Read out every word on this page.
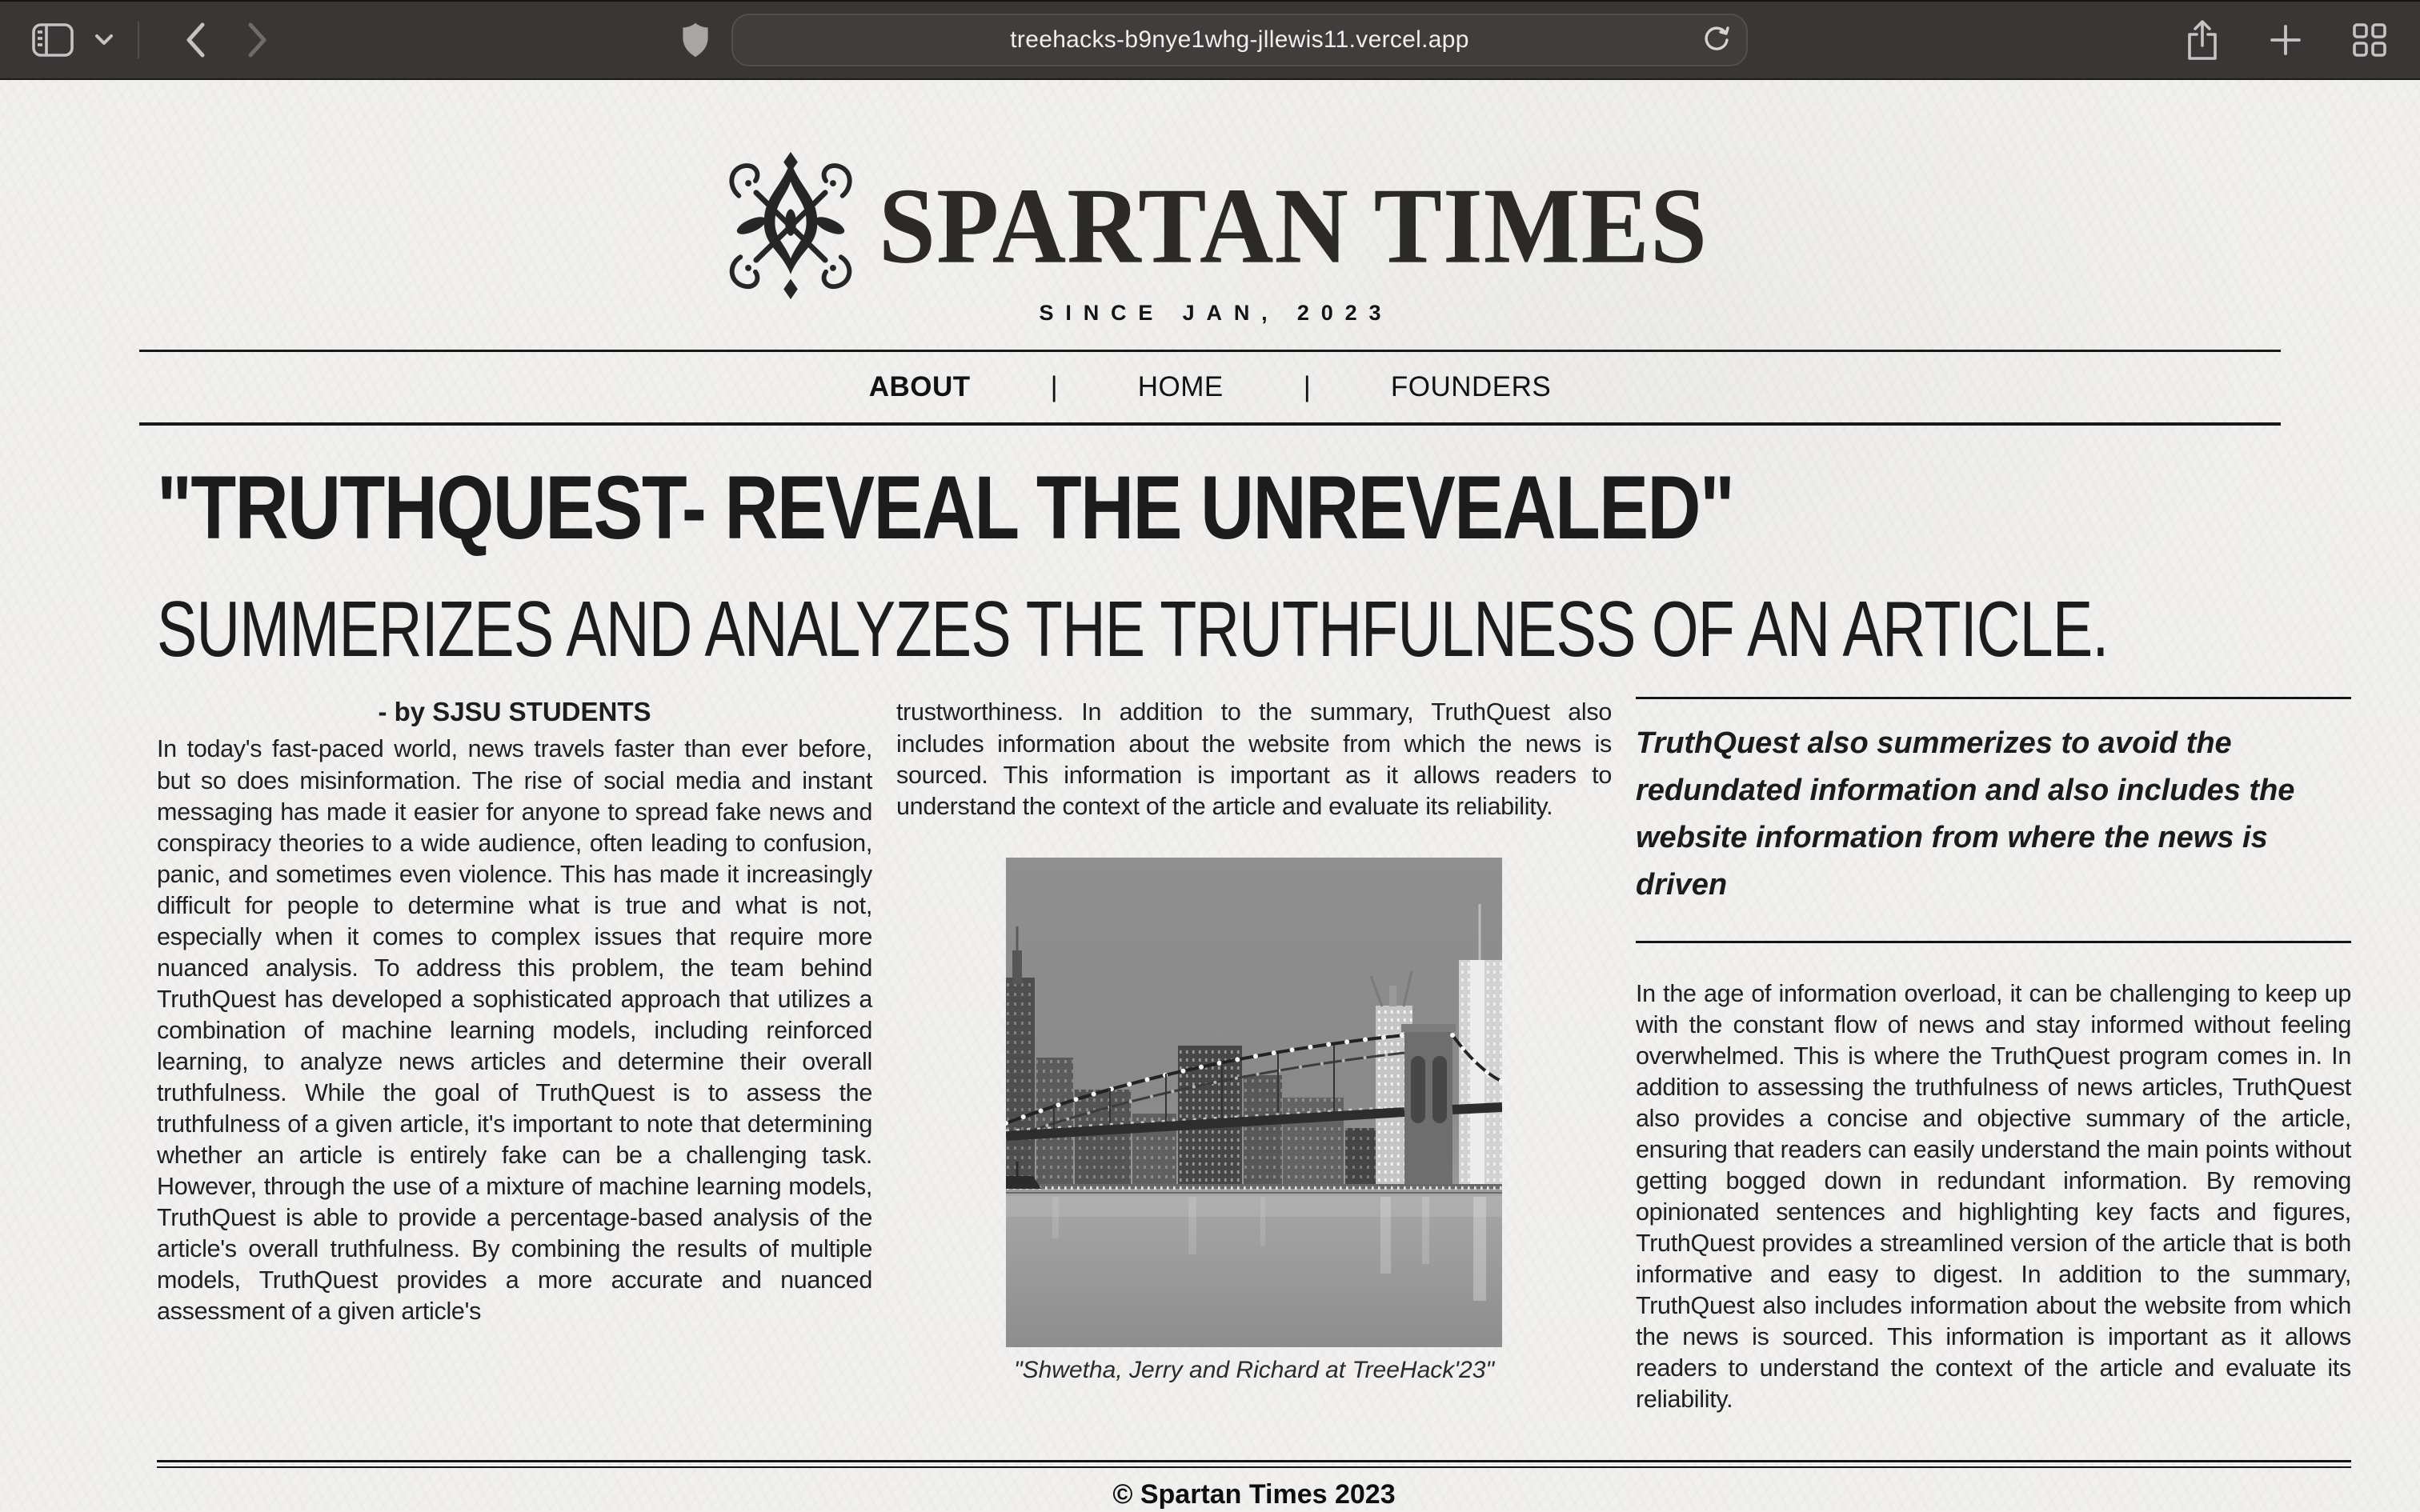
treehacks-b9nye1whg-jllewis11.vercel.app
SPARTAN TIMES
SINCE JAN, 2023
ABOUT	|	HOME	|	FOUNDERS
"TRUTHQUEST- REVEAL THE UNREVEALED"
SUMMERIZES AND ANALYZES THE TRUTHFULNESS OF AN ARTICLE.
- by SJSU STUDENTS

In today's fast-paced world, news travels faster than ever before, but so does misinformation. The rise of social media and instant messaging has made it easier for anyone to spread fake news and conspiracy theories to a wide audience, often leading to confusion, panic, and sometimes even violence. This has made it increasingly difficult for people to determine what is true and what is not, especially when it comes to complex issues that require more nuanced analysis. To address this problem, the team behind TruthQuest has developed a sophisticated approach that utilizes a combination of machine learning models, including reinforced learning, to analyze news articles and determine their overall truthfulness. While the goal of TruthQuest is to assess the truthfulness of a given article, it's important to note that determining whether an article is entirely fake can be a challenging task. However, through the use of a mixture of machine learning models, TruthQuest is able to provide a percentage-based analysis of the article's overall truthfulness. By combining the results of multiple models, TruthQuest provides a more accurate and nuanced assessment of a given article's

trustworthiness. In addition to the summary, TruthQuest also includes information about the website from which the news is sourced. This information is important as it allows readers to understand the context of the article and evaluate its reliability.

"Shwetha, Jerry and Richard at TreeHack'23"
TruthQuest also summerizes to avoid the redundated information and also includes the website information from where the news is driven

In the age of information overload, it can be challenging to keep up with the constant flow of news and stay informed without feeling overwhelmed. This is where the TruthQuest program comes in. In addition to assessing the truthfulness of news articles, TruthQuest also provides a concise and objective summary of the article, ensuring that readers can easily understand the main points without getting bogged down in redundant information. By removing opinionated sentences and highlighting key facts and figures, TruthQuest provides a streamlined version of the article that is both informative and easy to digest. In addition to the summary, TruthQuest also includes information about the website from which the news is sourced. This information is important as it allows readers to understand the context of the article and evaluate its reliability.

© Spartan Times 2023
